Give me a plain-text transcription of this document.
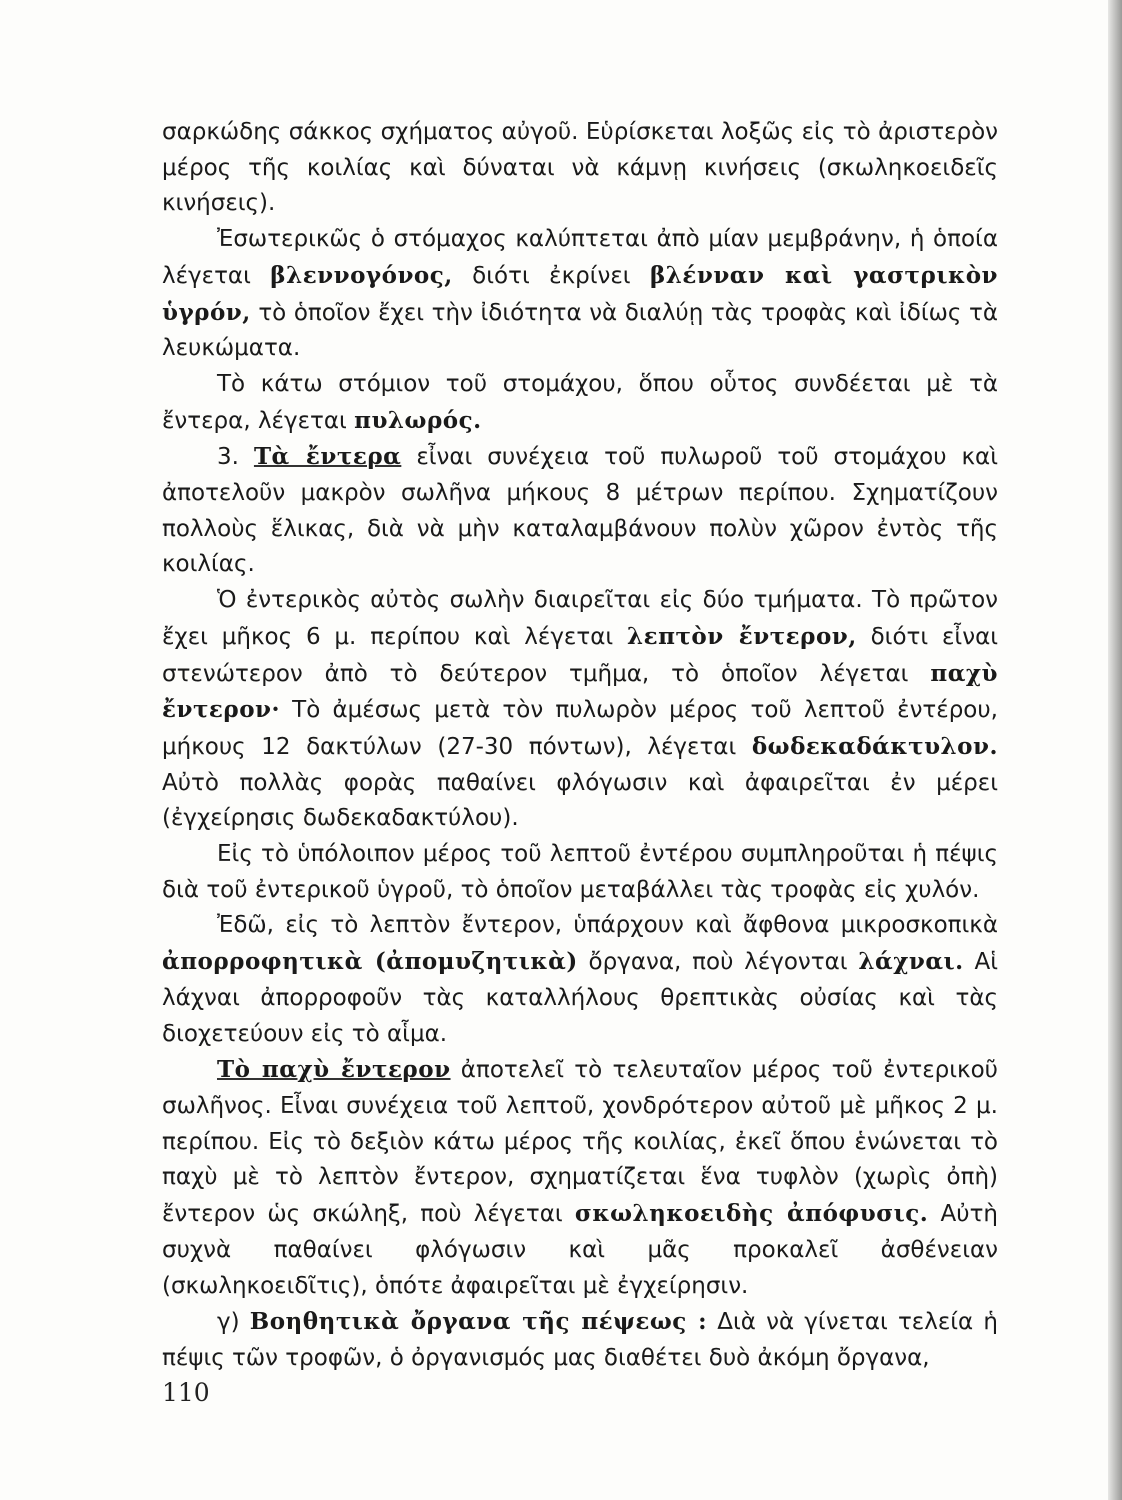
σαρκώδης σάκκος σχήματος αὐγοῦ. Εὑρίσκεται λοξῶς εἰς τὸ ἀριστερὸν μέρος τῆς κοιλίας καὶ δύναται νὰ κάμνῃ κινήσεις (σκωληκοειδεῖς κινήσεις).

Ἐσωτερικῶς ὁ στόμαχος καλύπτεται ἀπὸ μίαν μεμβράνην, ἡ ὁποία λέγεται βλεννογόνος, διότι ἐκρίνει βλένναν καὶ γαστρικὸν ὑγρόν, τὸ ὁποῖον ἔχει τὴν ἰδιότητα νὰ διαλύῃ τὰς τροφὰς καὶ ἰδίως τὰ λευκώματα.

Τὸ κάτω στόμιον τοῦ στομάχου, ὅπου οὗτος συνδέεται μὲ τὰ ἔντερα, λέγεται πυλωρός.

3. Τὰ ἔντερα εἶναι συνέχεια τοῦ πυλωροῦ τοῦ στομάχου καὶ ἀποτελοῦν μακρὸν σωλῆνα μήκους 8 μέτρων περίπου. Σχηματίζουν πολλοὺς ἕλικας, διὰ νὰ μὴν καταλαμβάνουν πολὺν χῶρον ἐντὸς τῆς κοιλίας.

Ὁ ἐντερικὸς αὐτὸς σωλὴν διαιρεῖται εἰς δύο τμήματα. Τὸ πρῶτον ἔχει μῆκος 6 μ. περίπου καὶ λέγεται λεπτὸν ἔντερον, διότι εἶναι στενώτερον ἀπὸ τὸ δεύτερον τμῆμα, τὸ ὁποῖον λέγεται παχὺ ἔντερον· Τὸ ἀμέσως μετὰ τὸν πυλωρὸν μέρος τοῦ λεπτοῦ ἐντέρου, μήκους 12 δακτύλων (27-30 πόντων), λέγεται δωδεκαδάκτυλον. Αὐτὸ πολλὰς φορὰς παθαίνει φλόγωσιν καὶ ἀφαιρεῖται ἐν μέρει (ἐγχείρησις δωδεκαδακτύλου).

Εἰς τὸ ὑπόλοιπον μέρος τοῦ λεπτοῦ ἐντέρου συμπληροῦται ἡ πέψις διὰ τοῦ ἐντερικοῦ ὑγροῦ, τὸ ὁποῖον μεταβάλλει τὰς τροφὰς εἰς χυλόν.

Ἐδῶ, εἰς τὸ λεπτὸν ἔντερον, ὑπάρχουν καὶ ἄφθονα μικροσκοπικὰ ἀπορροφητικὰ (ἀπομυζητικὰ) ὄργανα, ποὺ λέγονται λάχναι. Αἱ λάχναι ἀπορροφοῦν τὰς καταλλήλους θρεπτικὰς οὐσίας καὶ τὰς διοχετεύουν εἰς τὸ αἷμα.

Τὸ παχὺ ἔντερον ἀποτελεῖ τὸ τελευταῖον μέρος τοῦ ἐντερικοῦ σωλῆνος. Εἶναι συνέχεια τοῦ λεπτοῦ, χονδρότερον αὐτοῦ μὲ μῆκος 2 μ. περίπου. Εἰς τὸ δεξιὸν κάτω μέρος τῆς κοιλίας, ἐκεῖ ὅπου ἑνώνεται τὸ παχὺ μὲ τὸ λεπτὸν ἔντερον, σχηματίζεται ἕνα τυφλὸν (χωρὶς ὀπὴ) ἔντερον ὡς σκώληξ, ποὺ λέγεται σκωληκοειδὴς ἀπόφυσις. Αὐτὴ συχνὰ παθαίνει φλόγωσιν καὶ μᾶς προκαλεῖ ἀσθένειαν (σκωληκοειδῖτις), ὁπότε ἀφαιρεῖται μὲ ἐγχείρησιν.

γ) Βοηθητικὰ ὄργανα τῆς πέψεως : Διὰ νὰ γίνεται τελεία ἡ πέψις τῶν τροφῶν, ὁ ὀργανισμός μας διαθέτει δυὸ ἀκόμη ὄργανα,

110
